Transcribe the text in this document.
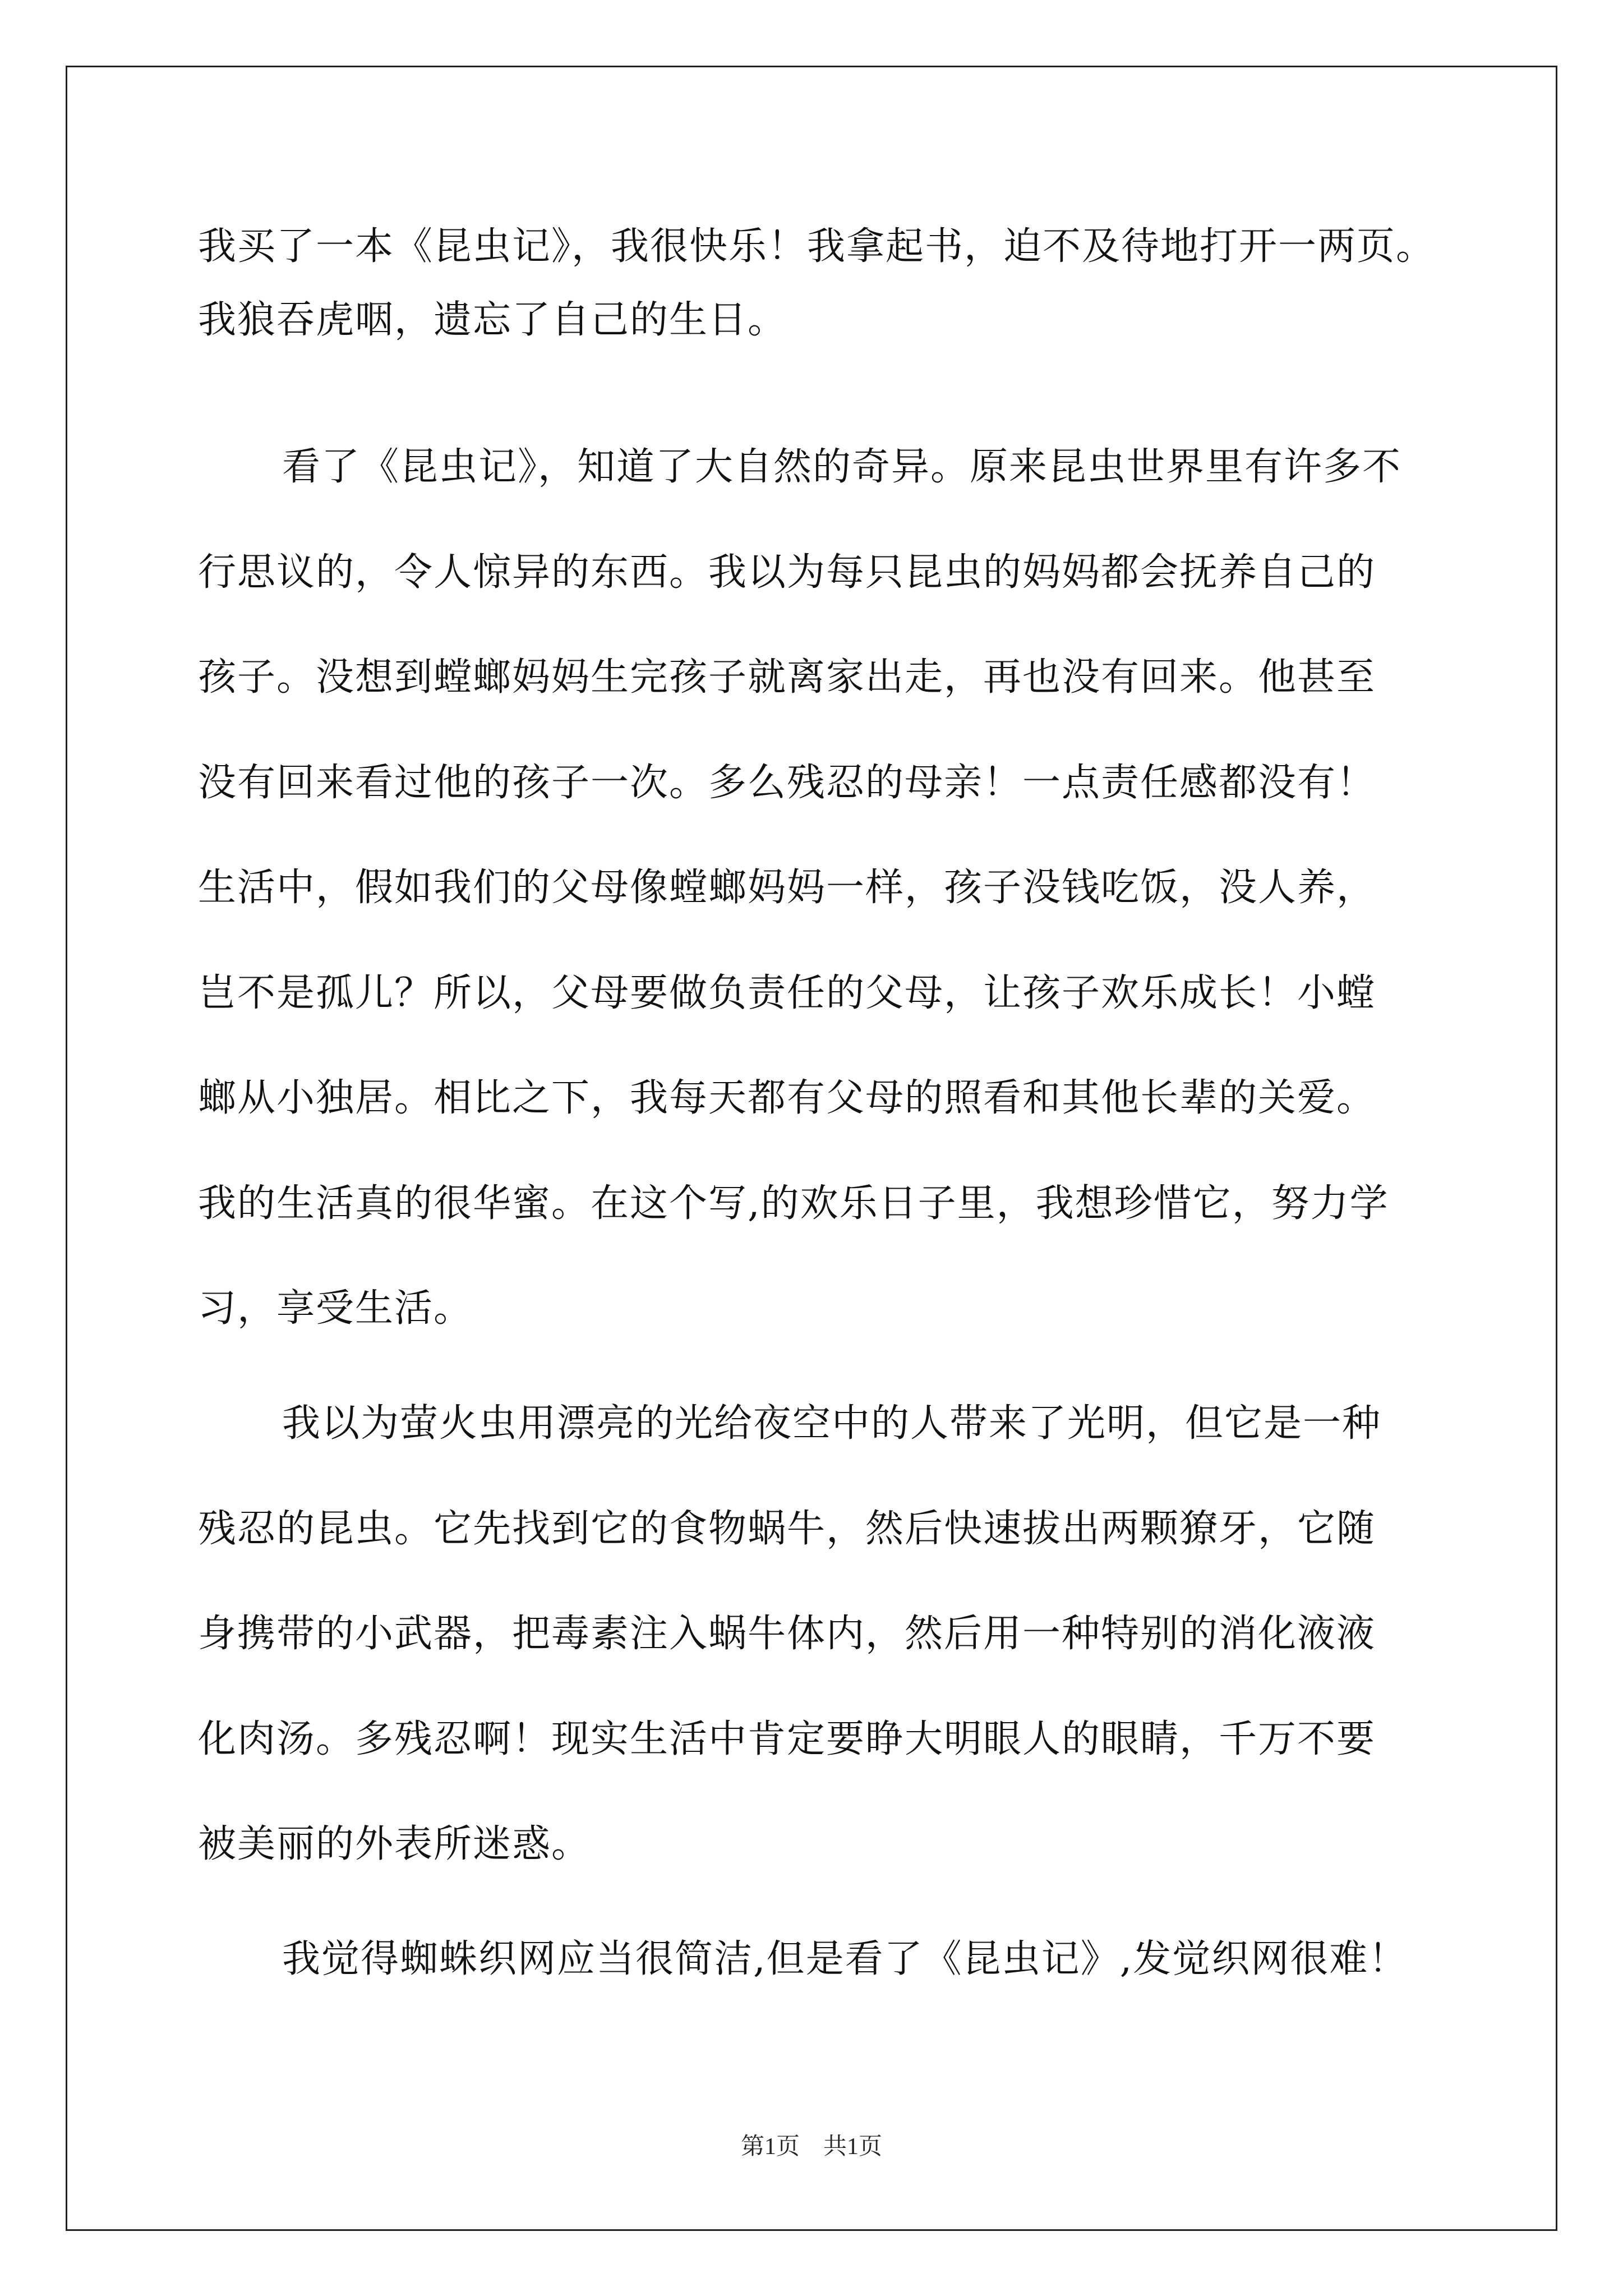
我买了一本《昆虫记》，我很快乐！我拿起书，迫不及待地打开一两页。

我狼吞虎咽，遗忘了自己的生日。

看了《昆虫记》，知道了大自然的奇异。原来昆虫世界里有许多不

行思议的，令人惊异的东西。我以为每只昆虫的妈妈都会抚养自己的

孩子。没想到螳螂妈妈生完孩子就离家出走，再也没有回来。他甚至

没有回来看过他的孩子一次。多么残忍的母亲！一点责任感都没有！

生活中，假如我们的父母像螳螂妈妈一样，孩子没钱吃饭，没人养，

岂不是孤儿？所以，父母要做负责任的父母，让孩子欢乐成长！小螳

螂从小独居。相比之下，我每天都有父母的照看和其他长辈的关爱。

我的生活真的很华蜜。在这个写,的欢乐日子里，我想珍惜它，努力学

习，享受生活。

我以为萤火虫用漂亮的光给夜空中的人带来了光明，但它是一种

残忍的昆虫。它先找到它的食物蜗牛，然后快速拔出两颗獠牙，它随

身携带的小武器，把毒素注入蜗牛体内，然后用一种特别的消化液液

化肉汤。多残忍啊！现实生活中肯定要睁大明眼人的眼睛，千万不要

被美丽的外表所迷惑。

我觉得蜘蛛织网应当很简洁,但是看了《昆虫记》,发觉织网很难！

第1页　共1页
